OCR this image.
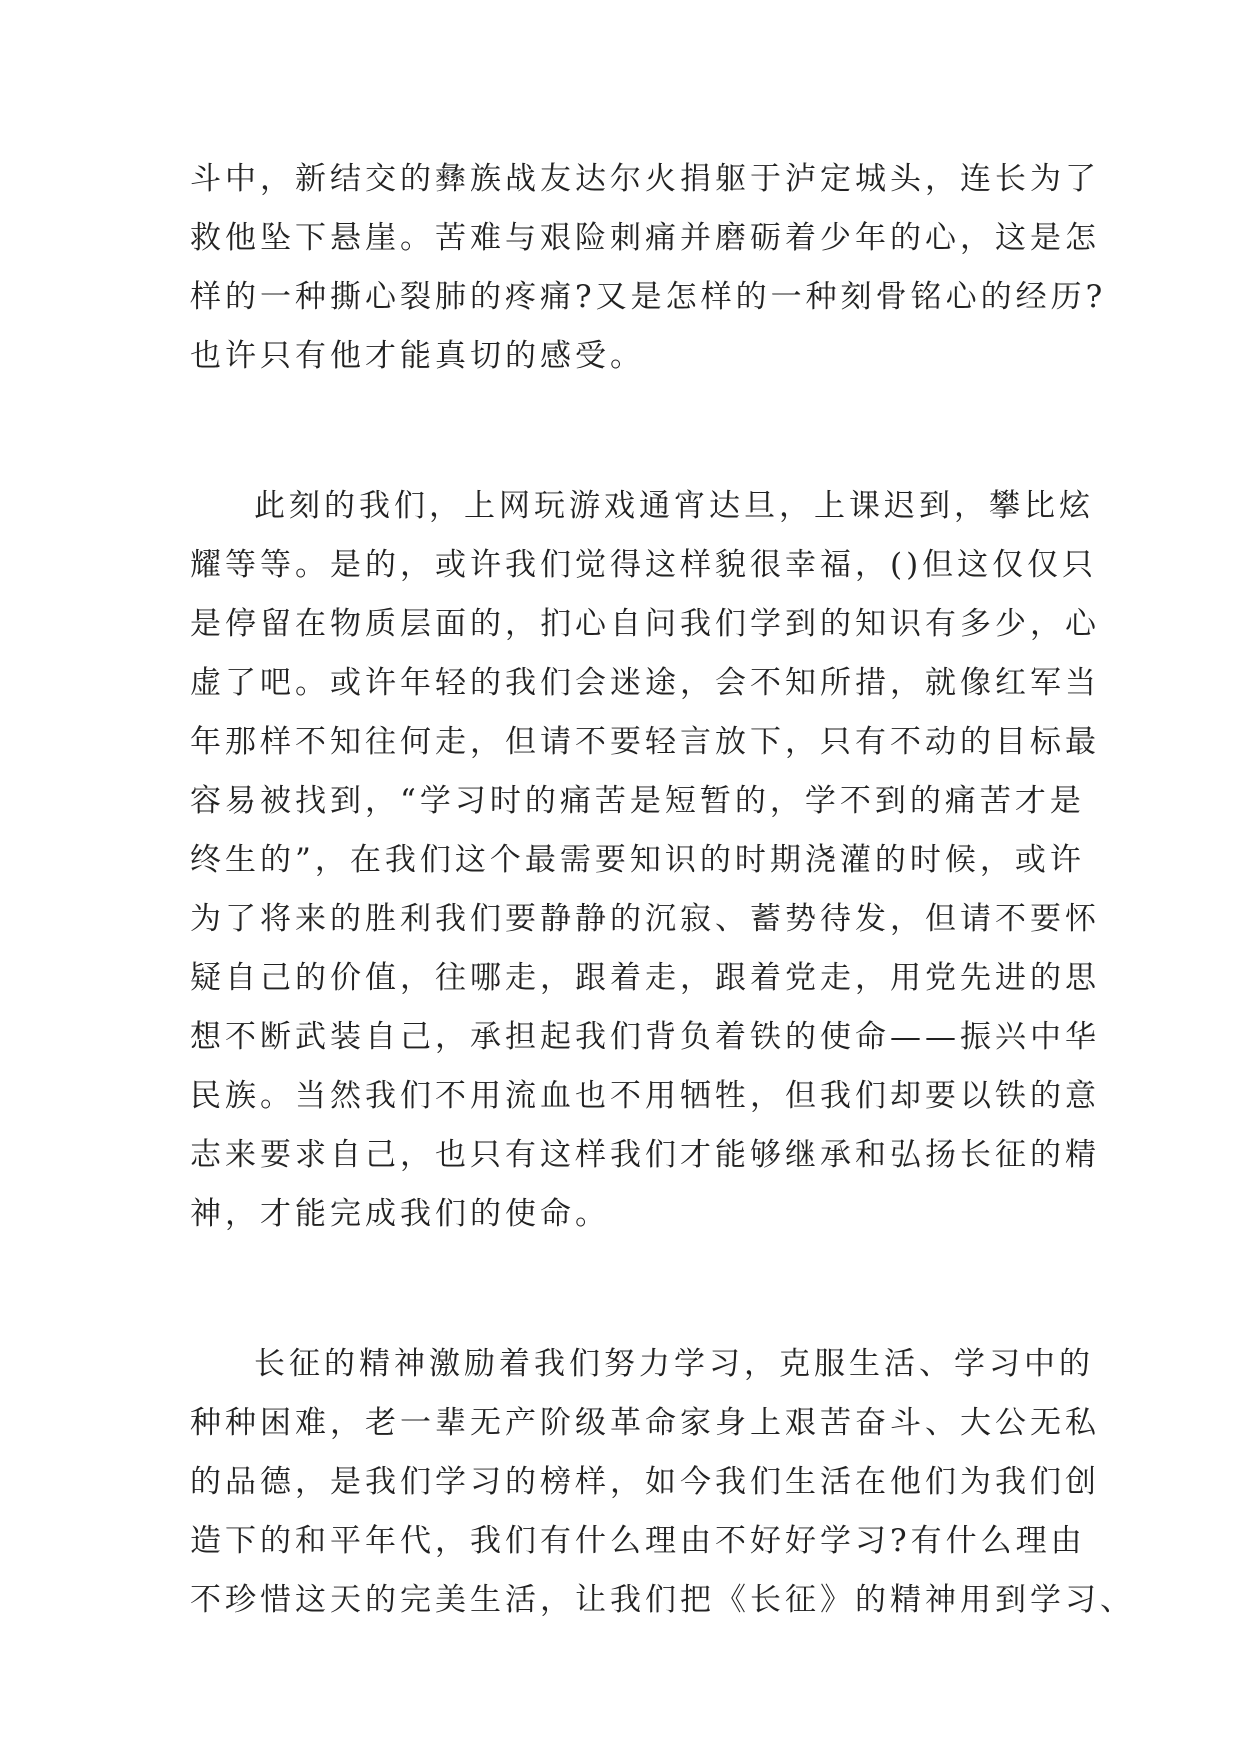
斗中，新结交的彝族战友达尔火捐躯于泸定城头，连长为了
救他坠下悬崖。苦难与艰险刺痛并磨砺着少年的心，这是怎
样的一种撕心裂肺的疼痛?又是怎样的一种刻骨铭心的经历?
也许只有他才能真切的感受。
此刻的我们，上网玩游戏通宵达旦，上课迟到，攀比炫
耀等等。是的，或许我们觉得这样貌很幸福，()但这仅仅只
是停留在物质层面的，扪心自问我们学到的知识有多少，心
虚了吧。或许年轻的我们会迷途，会不知所措，就像红军当
年那样不知往何走，但请不要轻言放下，只有不动的目标最
容易被找到，“学习时的痛苦是短暂的，学不到的痛苦才是
终生的”，在我们这个最需要知识的时期浇灌的时候，或许
为了将来的胜利我们要静静的沉寂、蓄势待发，但请不要怀
疑自己的价值，往哪走，跟着走，跟着党走，用党先进的思
想不断武装自己，承担起我们背负着铁的使命——振兴中华
民族。当然我们不用流血也不用牺牲，但我们却要以铁的意
志来要求自己，也只有这样我们才能够继承和弘扬长征的精
神，才能完成我们的使命。
长征的精神激励着我们努力学习，克服生活、学习中的
种种困难，老一辈无产阶级革命家身上艰苦奋斗、大公无私
的品德，是我们学习的榜样，如今我们生活在他们为我们创
造下的和平年代，我们有什么理由不好好学习?有什么理由
不珍惜这天的完美生活，让我们把《长征》的精神用到学习、
